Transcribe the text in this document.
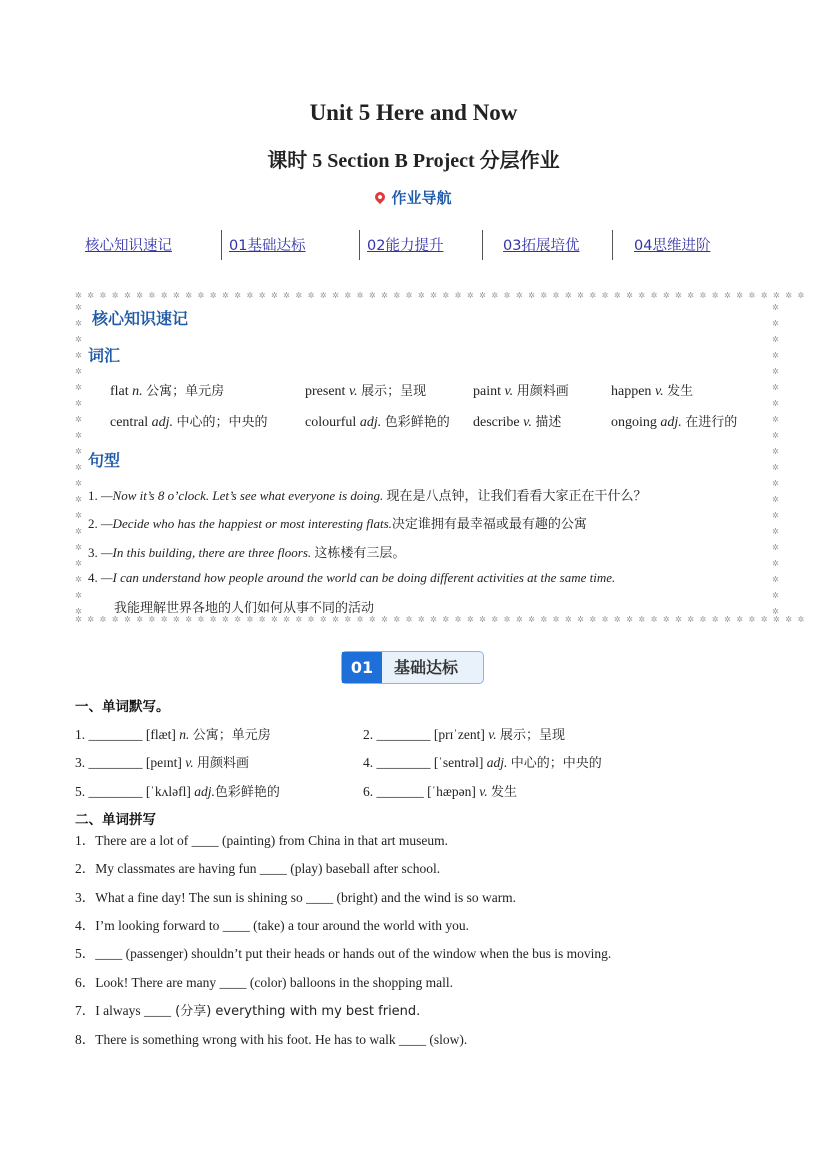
Unit 5 Here and Now
课时 5 Section B Project 分层作业
作业导航
核心知识速记	01基础达标	02能力提升	03拓展培优	04思维进阶
✲ ✲ ✲ ✲ ✲ ✲ ✲ ✲ ✲ ✲ ✲ ✲ ✲ ✲ ✲ ✲ ✲ ✲ ✲ ✲ ✲ ✲ ✲ ✲ ✲ ✲ ✲ ✲ ✲ ✲ ✲ ✲ ✲ ✲ ✲ ✲ ✲ ✲ ✲ ✲ ✲ ✲ ✲ ✲ ✲ ✲ ✲ ✲ ✲ ✲ ✲ ✲ ✲ ✲ ✲ ✲ ✲ ✲ ✲ ✲
✲ ✲ ✲ ✲ ✲ ✲ ✲ ✲ ✲ ✲ ✲ ✲ ✲ ✲ ✲ ✲ ✲ ✲ ✲ ✲ ✲ ✲ ✲ ✲ ✲ ✲ ✲ ✲ ✲ ✲ ✲ ✲ ✲ ✲ ✲ ✲ ✲ ✲ ✲ ✲ ✲ ✲ ✲ ✲ ✲ ✲ ✲ ✲ ✲ ✲ ✲ ✲ ✲ ✲ ✲ ✲ ✲ ✲ ✲ ✲
✲
✲
✲
✲
✲
✲
✲
✲
✲
✲
✲
✲
✲
✲
✲
✲
✲
✲
✲
✲
✲
✲
✲
✲
✲
✲
✲
✲
✲
✲
✲
✲
✲
✲
✲
✲
✲
✲
✲
✲
核心知识速记
词汇
flat n. 公寓；单元房	present v. 展示；呈现	paint v. 用颜料画	happen v. 发生
central adj. 中心的；中央的	colourful adj. 色彩鲜艳的 describe v. 描述	ongoing adj. 在进行的
句型
1. —Now it’s 8 o’clock. Let’s see what everyone is doing. 现在是八点钟，让我们看看大家正在干什么？
2. —Decide who has the happiest or most interesting flats.决定谁拥有最幸福或最有趣的公寓
3. —In this building, there are three floors. 这栋楼有三层。
4. —I can understand how people around the world can be doing different activities at the same time.
我能理解世界各地的人们如何从事不同的活动
01	基础达标
一、单词默写。
1. ________ [flæt] n. 公寓；单元房	2. ________ [prɪˈzent] v. 展示；呈现
3. ________ [peɪnt] v. 用颜料画	4. ________ [ˈsentrəl] adj. 中心的；中央的
5. ________ [ˈkʌləfl] adj.色彩鲜艳的	6. _______ [ˈhæpən] v. 发生
二、单词拼写
1．There are a lot of ____ (painting) from China in that art museum.
2．My classmates are having fun ____ (play) baseball after school.
3．What a fine day! The sun is shining so ____ (bright) and the wind is so warm.
4．I’m looking forward to ____ (take) a tour around the world with you.
5．____ (passenger) shouldn’t put their heads or hands out of the window when the bus is moving.
6．Look! There are many ____ (color) balloons in the shopping mall.
7．I always ____ (分享) everything with my best friend.
8．There is something wrong with his foot. He has to walk ____ (slow).
